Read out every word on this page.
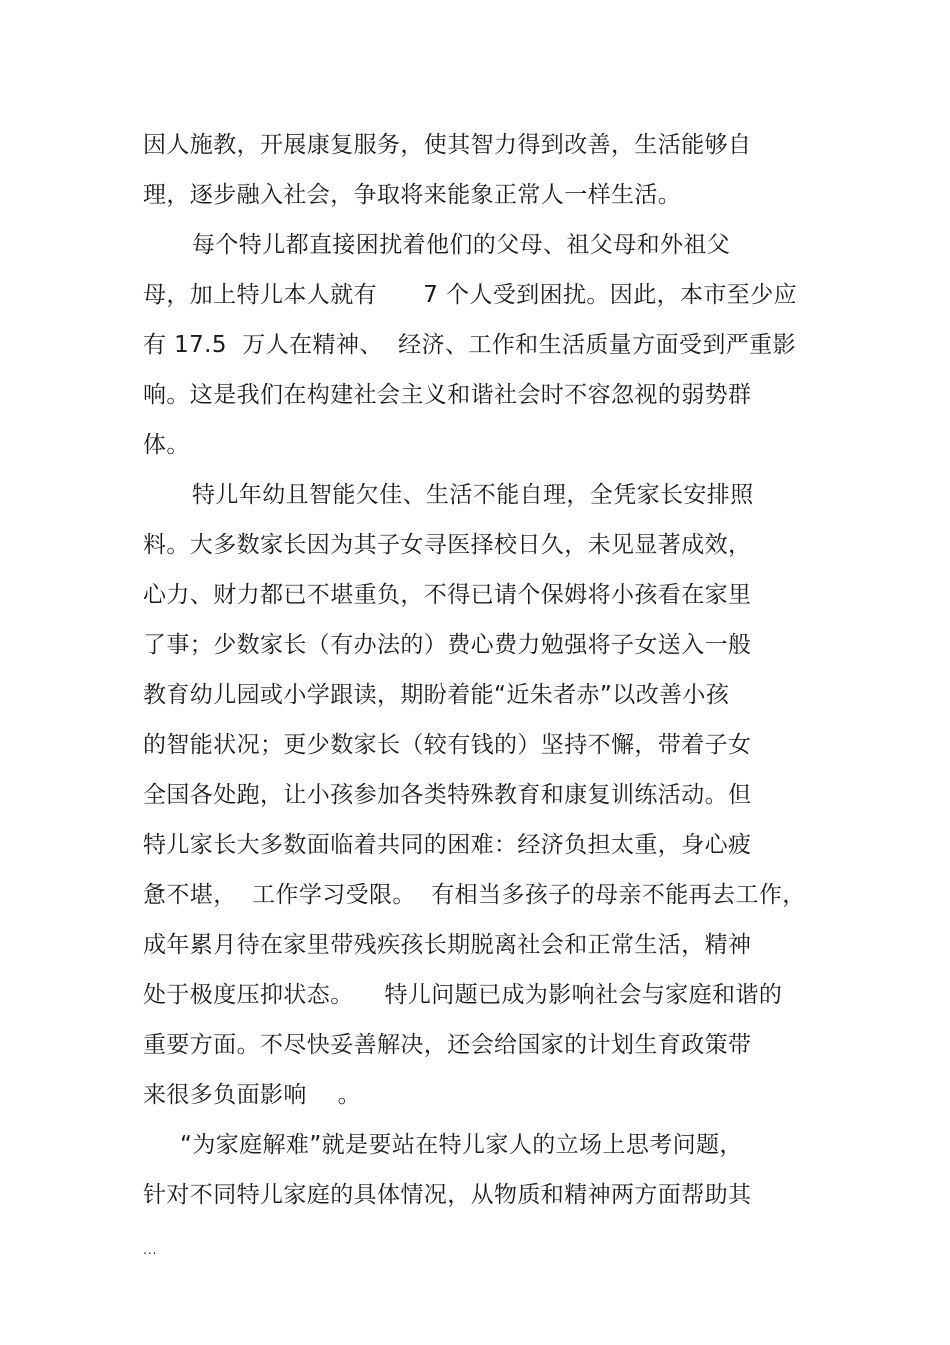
因人施教，开展康复服务，使其智力得到改善，生活能够自
理，逐步融入社会，争取将来能象正常人一样生活。
每个特儿都直接困扰着他们的父母、祖父母和外祖父
母，加上特儿本人就有      7 个人受到困扰。因此，本市至少应
有 17.5  万人在精神、  经济、工作和生活质量方面受到严重影
响。这是我们在构建社会主义和谐社会时不容忽视的弱势群
体。
特儿年幼且智能欠佳、生活不能自理，全凭家长安排照
料。大多数家长因为其子女寻医择校日久，未见显著成效，
心力、财力都已不堪重负，不得已请个保姆将小孩看在家里
了事；少数家长（有办法的）费心费力勉强将子女送入一般
教育幼儿园或小学跟读，期盼着能“近朱者赤”以改善小孩
的智能状况；更少数家长（较有钱的）坚持不懈，带着子女
全国各处跑，让小孩参加各类特殊教育和康复训练活动。但
特儿家长大多数面临着共同的困难：经济负担太重，身心疲
惫不堪，  工作学习受限。  有相当多孩子的母亲不能再去工作，
成年累月待在家里带残疾孩长期脱离社会和正常生活，精神
处于极度压抑状态。    特儿问题已成为影响社会与家庭和谐的
重要方面。不尽快妥善解决，还会给国家的计划生育政策带
来很多负面影响    。
“为家庭解难”就是要站在特儿家人的立场上思考问题，
针对不同特儿家庭的具体情况，从物质和精神两方面帮助其
...
